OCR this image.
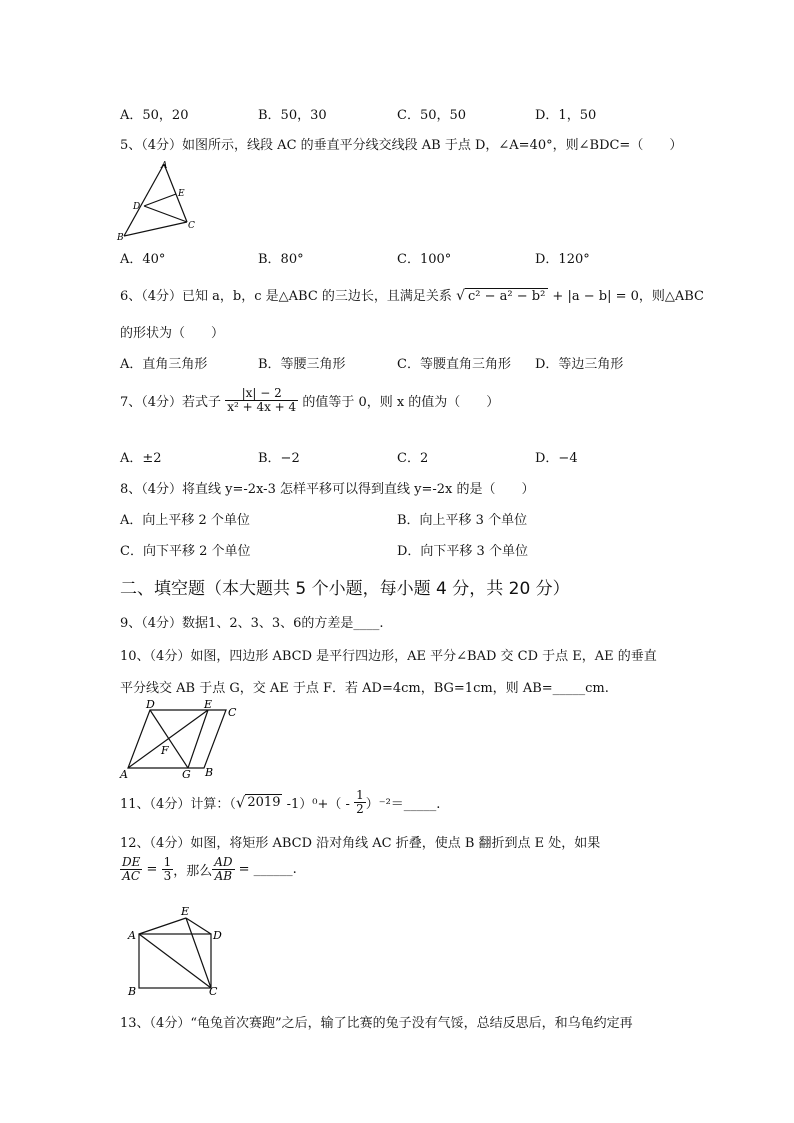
A．50，20	B．50，30	C．50，50	D．1，50
5、（4分）如图所示，线段 AC 的垂直平分线交线段 AB 于点 D，∠A=40°，则∠BDC=（　　）
A
E
D
C
B
A．40°	B．80°	C．100°	D．120°
6、（4分）已知 a，b，c 是△ABC 的三边长，且满足关系 √ c² − a² − b² + |a − b| = 0，则△ABC
的形状为（　　）
A．直角三角形	B．等腰三角形	C．等腰直角三角形 D．等边三角形
7、（4分）若式子 $\frac{|x| - 2}{\text{x² + 4x + 4}}$ 的值等于 0，则 x 的值为（　　）
A．±2	B．−2	C．2	D．−4
8、（4分）将直线 y=-2x-3 怎样平移可以得到直线 y=-2x 的是（　　）
A．向上平移 2 个单位	B．向上平移 3 个单位
C．向下平移 2 个单位	D．向下平移 3 个单位
二、填空题（本大题共 5 个小题，每小题 4 分，共 20 分）
9、（4分）数据1、2、3、3、6的方差是____.
10、（4分）如图，四边形 ABCD 是平行四边形，AE 平分∠BAD 交 CD 于点 E，AE 的垂直
平分线交 AB 于点 G，交 AE 于点 F．若 AD=4cm，BG=1cm，则 AB=_____cm.
D	E
C
F
A	G B
11、（4分）计算：（√ 2019 $-1)^0+( - \frac{1}{2}$ ）⁻²＝_____.
12、（4分）如图，将矩形 ABCD 沿对角线 AC 折叠，使点 B 翻折到点 E 处，如果
$\frac{DE}{AC} = \frac{1}{3}$ ，那么 $\frac{AD}{AB}$ = ______.
E
A	D
B	C
13、（4分）“龟兔首次赛跑”之后，输了比赛的兔子没有气馁，总结反思后，和乌龟约定再
